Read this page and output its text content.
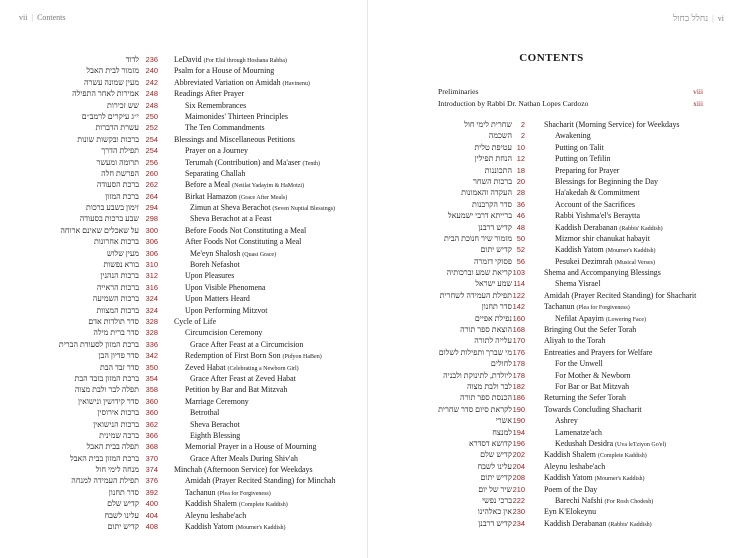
vii | Contents
לדוד 236 LeDavid (For Elul through Hoshana Rabba)
מזמור לבית האבל 240 Psalm for a House of Mourning
מעין שמונה עשרה 242 Abbreviated Variation on Amidah (Havinenu)
אמירות לאחר התפילה 248 Readings After Prayer
שש זכירות 248	Six Remembrances
י״ג עיקרים לרמב״ם 250	Maimonides' Thirteen Principles
עשרת הדברות 252	The Ten Commandments
ברכות ובקשות שונות 254 Blessings and Miscellaneous Petitions
תפילת הדרך 254	Prayer on a Journey
תרומה ומעשר 256	Terumah (Contribution) and Ma'aser (Tenth)
הפרשת חלה 260	Separating Challah
ברכת הסעודה 262	Before a Meal (Netilat Yadayim & HaMotzi)
ברכת המזון 264	Birkat Hamazon (Grace After Meals)
זימון בשבע ברכות 294	Zimun at Sheva Berachot (Seven Nuptial Blessings)
שבע ברכות בסעודה 298	Sheva Berachot at a Feast
על שאכלים שאינם ארוחה 300	Before Foods Not Constituting a Meal
ברכות אחרונות 306	After Foods Not Constituting a Meal
מעין שלוש 306	Me'eyn Shalosh (Quasi Grace)
בורא נפשות 310	Boreh Nefashot
ברכות הנהנין 312	Upon Pleasures
ברכות הראייה 316	Upon Visible Phenomena
ברכות השמיעה 324	Upon Matters Heard
ברכות המצוות 324	Upon Performing Mitzvot
סדר תולדות אדם 328 Cycle of Life
סדר ברית מילה 328	Circumcision Ceremony
ברכת המזון לסעודת הברית 336	Grace After Feast at a Circumcision
סדר פדיון הבן 342	Redemption of First Born Son (Pidyon HaBen)
סדר זבד הבת 350	Zeved Habat (Celebrating a Newborn Girl)
ברכת המזון בזבד הבת 354	Grace After Feast at Zeved Habat
תפלה לבר ולבת מצוה 358	Petition by Bar and Bat Mitzvah
סדר קידושין ונישואין 360	Marriage Ceremony
ברכות אירוסין 360	Betrothal
ברכות הנישואין 362	Sheva Berachot
ברכה שמינית 366	Eighth Blessing
תפלה בבית האבל 368	Memorial Prayer in a House of Mourning
ברכת המזון בבית האבל 370	Grace After Meals During Shiv'ah
מנחה לימי חול 374 Minchah (Afternoon Service) for Weekdays
תפילת העמידה למנחה 376	Amidah (Prayer Recited Standing) for Minchah
סדר תחנון 392	Tachanun (Plea for Forgiveness)
קדיש שלם 400	Kaddish Shalem (Complete Kaddish)
עלינו לשבח 404	Aleynu leshabe'ach
קדיש יתום 408	Kaddish Yatom (Mourner's Kaddish)
נחלל בחול | vi
CONTENTS
Preliminaries	viii
Introduction by Rabbi Dr. Nathan Lopes Cardozo	xiii
שחרית לימי חול	2 Shacharit (Morning Service) for Weekdays
השכמה	2	Awakening
עטיפת טלית 10	Putting on Talit
הנחת תפילין 12	Putting on Tefilin
התכוננות 18	Preparing for Prayer
ברכות השחר 20	Blessings for Beginning the Day
העקדה והאמונות 28	Ha'akedah & Commitment
סדר הקרבנות 36	Account of the Sacrifices
ברייתא דרבי ישמעאל 46	Rabbi Yishma'el's Beraytta
קדיש דרבנן 48	Kaddish Derabanan (Rabbis' Kaddish)
מזמור שיר חנוכת הבית 50	Mizmor shir chanukat habayit
קדיש יתום 52	Kaddish Yatom (Mourner's Kaddish)
פסוקי דזמרה 56	Pesukei Dezimrah (Musical Verses)
קריאת שמע וברכותיה 103 Shema and Accompanying Blessings
שמע ישראל 114	Shema Yisrael
תפילת העמידה לשחרית 122 Amidah (Prayer Recited Standing) for Shacharit
סדר תחנון 142 Tachanun (Plea for Forgiveness)
נפילת אפיים 160	Nefilat Apayim (Lowering Face)
הוצאת ספר תורה 168 Bringing Out the Sefer Torah
עלייה לתורה 170 Aliyah to the Torah
מי שברך ותפילות לשלום 176 Entreaties and Prayers for Welfare
לחולים 178	For the Unwell
ליולדת, לתינוקת ולבניה 178	For Mother & Newborn
לבר ולבת מצוה 182	For Bar or Bat Mitzvah
הכנסת ספר תורה 186 Returning the Sefer Torah
לקראת סיום סדר שחרית 190 Towards Concluding Shacharit
אשרי 190	Ashrey
למנצח 194	Lamenatze'ach
קדושא דסדרא 196	Kedushah Desidra (Uva leTziyon Go'el)
קדיש שלם 202 Kaddish Shalem (Complete Kaddish)
עלינו לשבח 204 Aleynu leshabe'ach
קדיש יתום 208 Kaddish Yatom (Mourner's Kaddish)
שיר של יום 210 Poem of the Day
ברכי נפשי 222	Barechi Nafshi (For Rosh Chodesh)
אין כאלהינו 230 Eyn K'Elokeynu
קדיש דרבנן 234 Kaddish Derabanan (Rabbis' Kaddish)
